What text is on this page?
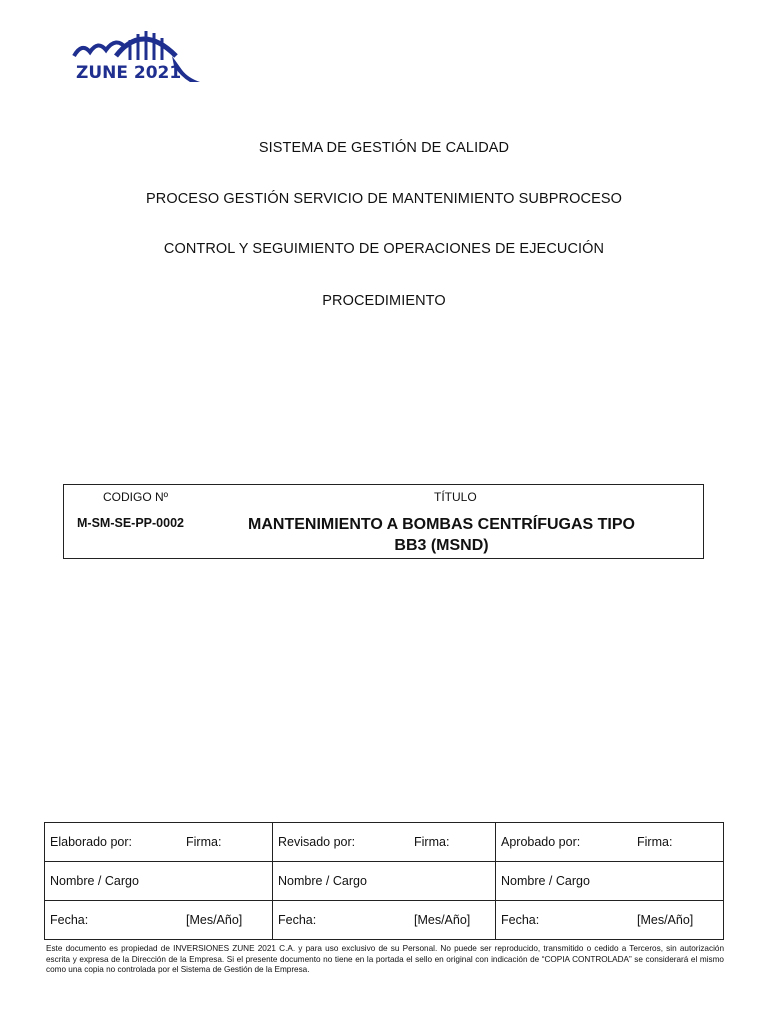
ZUNE 2021
SISTEMA DE GESTIÓN DE CALIDAD
PROCESO GESTIÓN SERVICIO DE MANTENIMIENTO SUBPROCESO
CONTROL Y SEGUIMIENTO DE OPERACIONES DE EJECUCIÓN
PROCEDIMIENTO
CODIGO Nº	TÍTULO
M-SM-SE-PP-0002	MANTENIMIENTO A BOMBAS CENTRÍFUGAS TIPO
BB3 (MSND)
Elaborado por: Firma:	Revisado por: Firma:	Aprobado por: Firma:

Nombre / Cargo	Nombre / Cargo	Nombre / Cargo

Fecha: [Mes/Año]	Fecha: [Mes/Año]	Fecha: [Mes/Año]
Este documento es propiedad de INVERSIONES ZUNE 2021 C.A. y para uso exclusivo de su Personal. No puede ser reproducido, transmitido o cedido a Terceros, sin autorización escrita y expresa de la Dirección de la Empresa. Si el presente documento no tiene en la portada el sello en original con indicación de “COPIA CONTROLADA” se considerará el mismo como una copia no controlada por el Sistema de Gestión de la Empresa.
